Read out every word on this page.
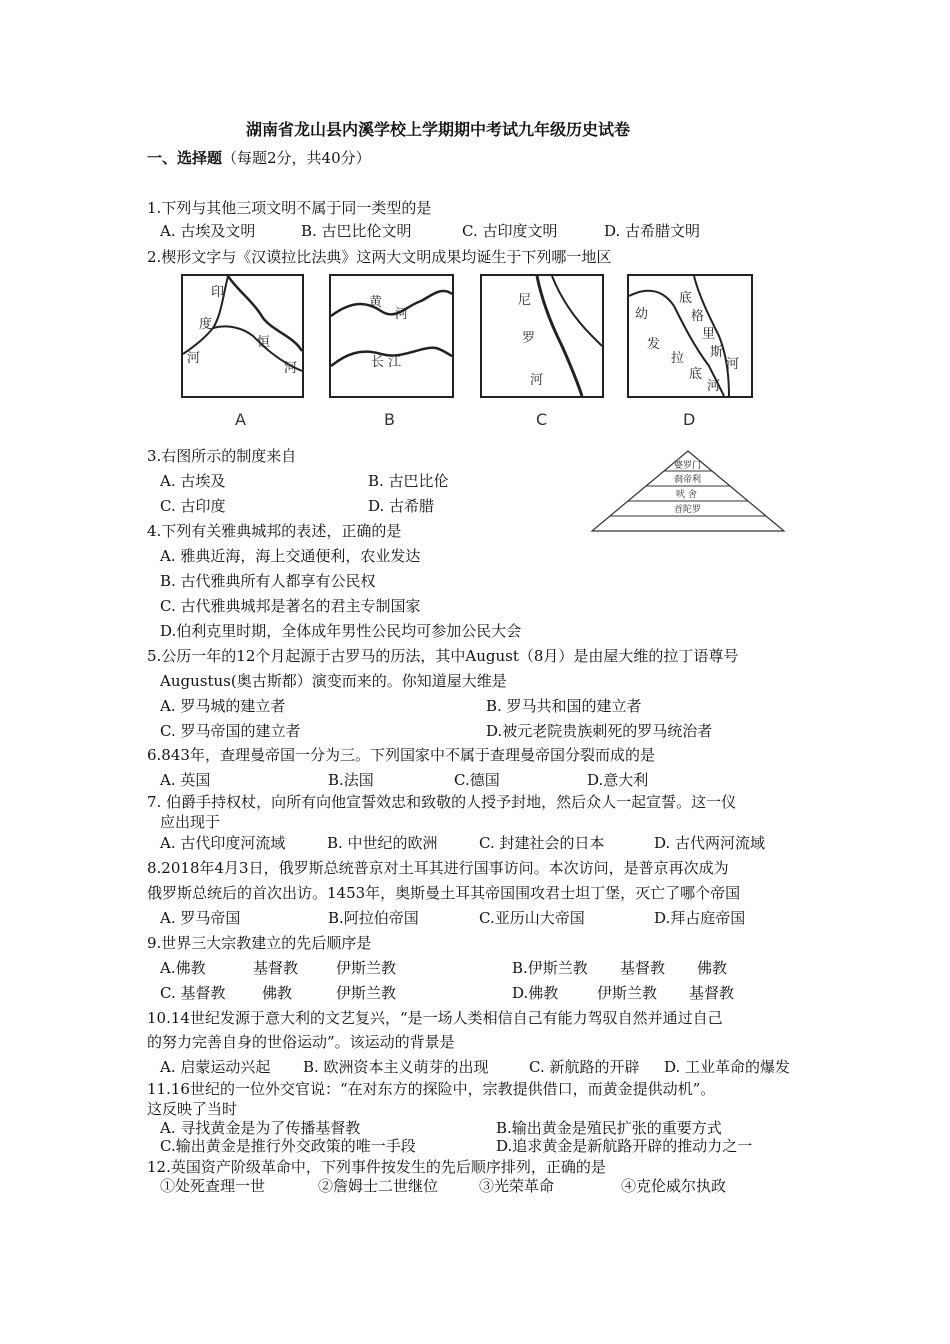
湖南省龙山县内溪学校上学期期中考试九年级历史试卷
一、选择题（每题2分，共40分）
1.下列与其他三项文明不属于同一类型的是
A. 古埃及文明	B. 古巴比伦文明	C. 古印度文明	D. 古希腊文明
2.楔形文字与《汉谟拉比法典》这两大文明成果均诞生于下列哪一地区
印
度
河
恒
河
A
黄
河
长 江
B
尼
罗
河
C
底
格
里
斯
河
幼
发
拉
底
河
D
3.右图所示的制度来自
A. 古埃及	B. 古巴比伦
C. 古印度	D. 古希腊
婆罗门
刹帝利
吠 舍
首陀罗
4.下列有关雅典城邦的表述，正确的是
A. 雅典近海，海上交通便利，农业发达
B. 古代雅典所有人都享有公民权
C. 古代雅典城邦是著名的君主专制国家
D.伯利克里时期，全体成年男性公民均可参加公民大会
5.公历一年的12个月起源于古罗马的历法，其中August（8月）是由屋大维的拉丁语尊号
Augustus(奥古斯都）演变而来的。你知道屋大维是
A. 罗马城的建立者	B. 罗马共和国的建立者
C. 罗马帝国的建立者	D.被元老院贵族刺死的罗马统治者
6.843年，查理曼帝国一分为三。下列国家中不属于查理曼帝国分裂而成的是
A. 英国	B.法国	C.德国	D.意大利
7. 伯爵手持权杖，向所有向他宣誓效忠和致敬的人授予封地，然后众人一起宣誓。这一仪
应出现于
A. 古代印度河流域	B. 中世纪的欧洲	C. 封建社会的日本	D. 古代两河流域
8.2018年4月3日，俄罗斯总统普京对土耳其进行国事访问。本次访问，是普京再次成为
俄罗斯总统后的首次出访。1453年，奥斯曼土耳其帝国围攻君士坦丁堡，灭亡了哪个帝国
A. 罗马帝国	B.阿拉伯帝国	C.亚历山大帝国	D.拜占庭帝国
9.世界三大宗教建立的先后顺序是
A.佛教	基督教	伊斯兰教	B.伊斯兰教 基督教 佛教
C. 基督教 佛教	伊斯兰教	D.佛教	伊斯兰教 基督教
10.14世纪发源于意大利的文艺复兴，“是一场人类相信自己有能力驾驭自然并通过自己
的努力完善自身的世俗运动”。该运动的背景是
A. 启蒙运动兴起 B. 欧洲资本主义萌芽的出现	C. 新航路的开辟 D. 工业革命的爆发
11.16世纪的一位外交官说：“在对东方的探险中，宗教提供借口，而黄金提供动机”。
这反映了当时
A. 寻找黄金是为了传播基督教	B.输出黄金是殖民扩张的重要方式
C.输出黄金是推行外交政策的唯一手段	D.追求黄金是新航路开辟的推动力之一
12.英国资产阶级革命中，下列事件按发生的先后顺序排列，正确的是
①处死查理一世	②詹姆士二世继位	③光荣革命	④克伦威尔执政
